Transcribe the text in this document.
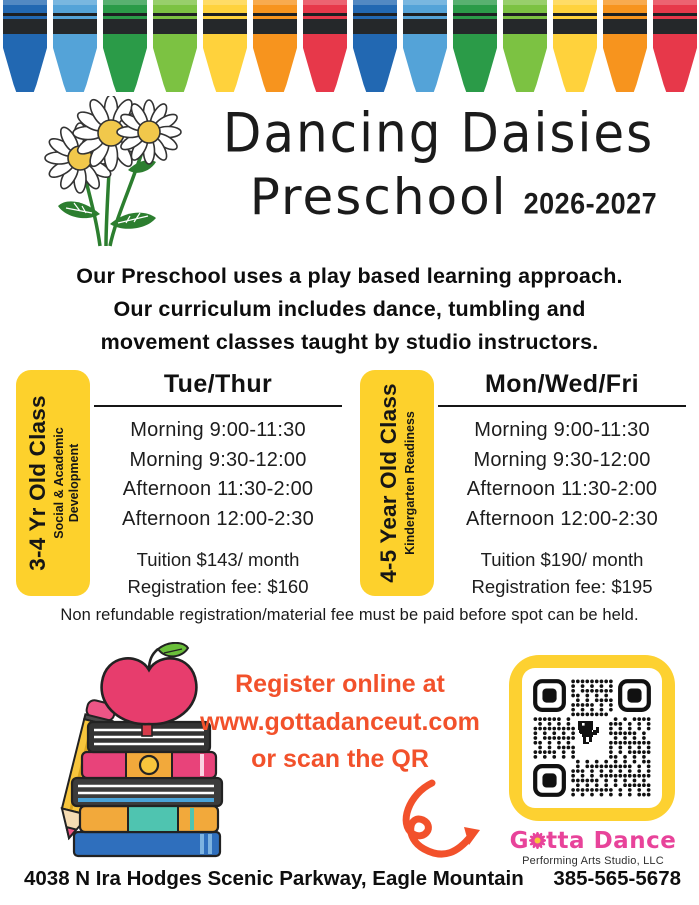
Dancing Daisies
Preschool 2026-2027
Our Preschool uses a play based learning approach.
Our curriculum includes dance, tumbling and
movement classes taught by studio instructors.
3-4 Yr Old Class Social & Academic Development
Tue/Thur
Morning 9:00-11:30
Morning 9:30-12:00
Afternoon 11:30-2:00
Afternoon 12:00-2:30
Tuition $143/ month
Registration fee: $160
4-5 Year Old Class Kindergarten Readiness
Mon/Wed/Fri
Morning 9:00-11:30
Morning 9:30-12:00
Afternoon 11:30-2:00
Afternoon 12:00-2:30
Tuition $190/ month
Registration fee: $195
Non refundable registration/material fee must be paid before spot can be held.
Register online at
www.gottadanceut.com
or scan the QR
G tta Dance
Performing Arts Studio, LLC
4038 N Ira Hodges Scenic Parkway, Eagle Mountain 385-565-5678
